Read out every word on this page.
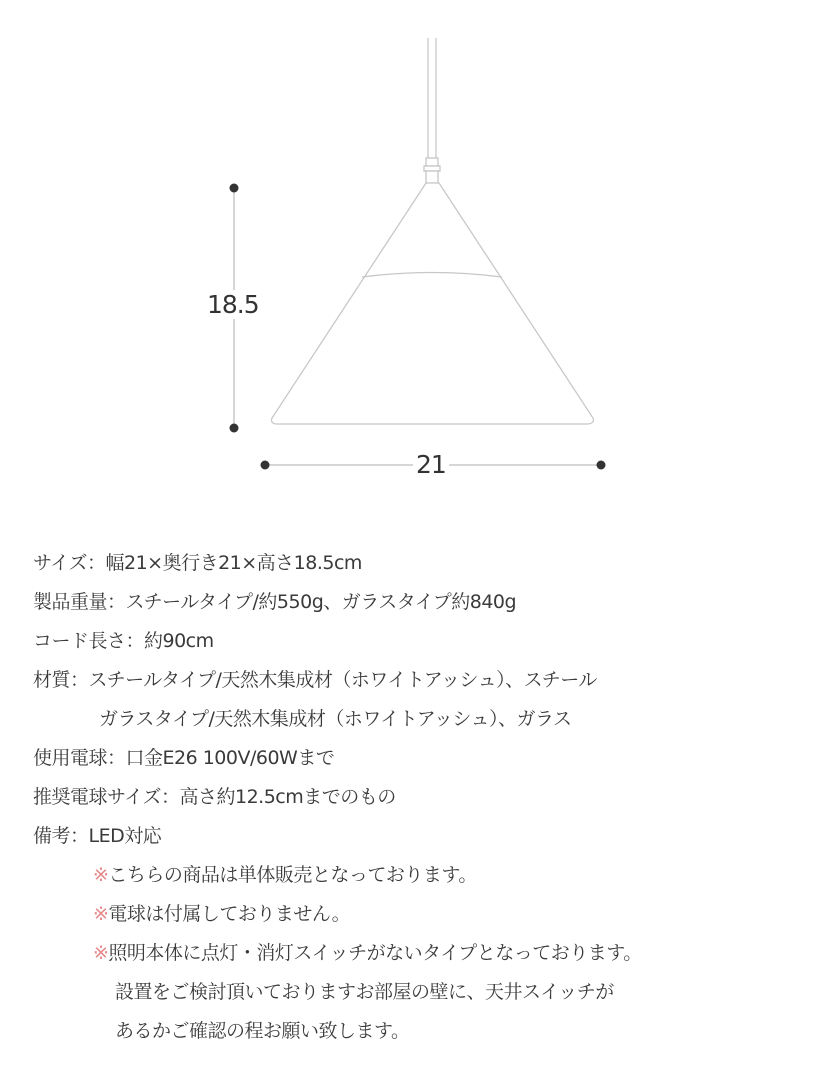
18.5
21
サイズ：幅21×奥行き21×高さ18.5cm
製品重量：スチールタイプ/約550g、ガラスタイプ約840g
コード長さ：約90cm
材質：スチールタイプ/天然木集成材（ホワイトアッシュ）、スチール
ガラスタイプ/天然木集成材（ホワイトアッシュ）、ガラス
使用電球：口金E26 100V/60Wまで
推奨電球サイズ：高さ約12.5cmまでのもの
備考：LED対応
※こちらの商品は単体販売となっております。
※電球は付属しておりません。
※照明本体に点灯・消灯スイッチがないタイプとなっております。
設置をご検討頂いておりますお部屋の壁に、天井スイッチが
あるかご確認の程お願い致します。
